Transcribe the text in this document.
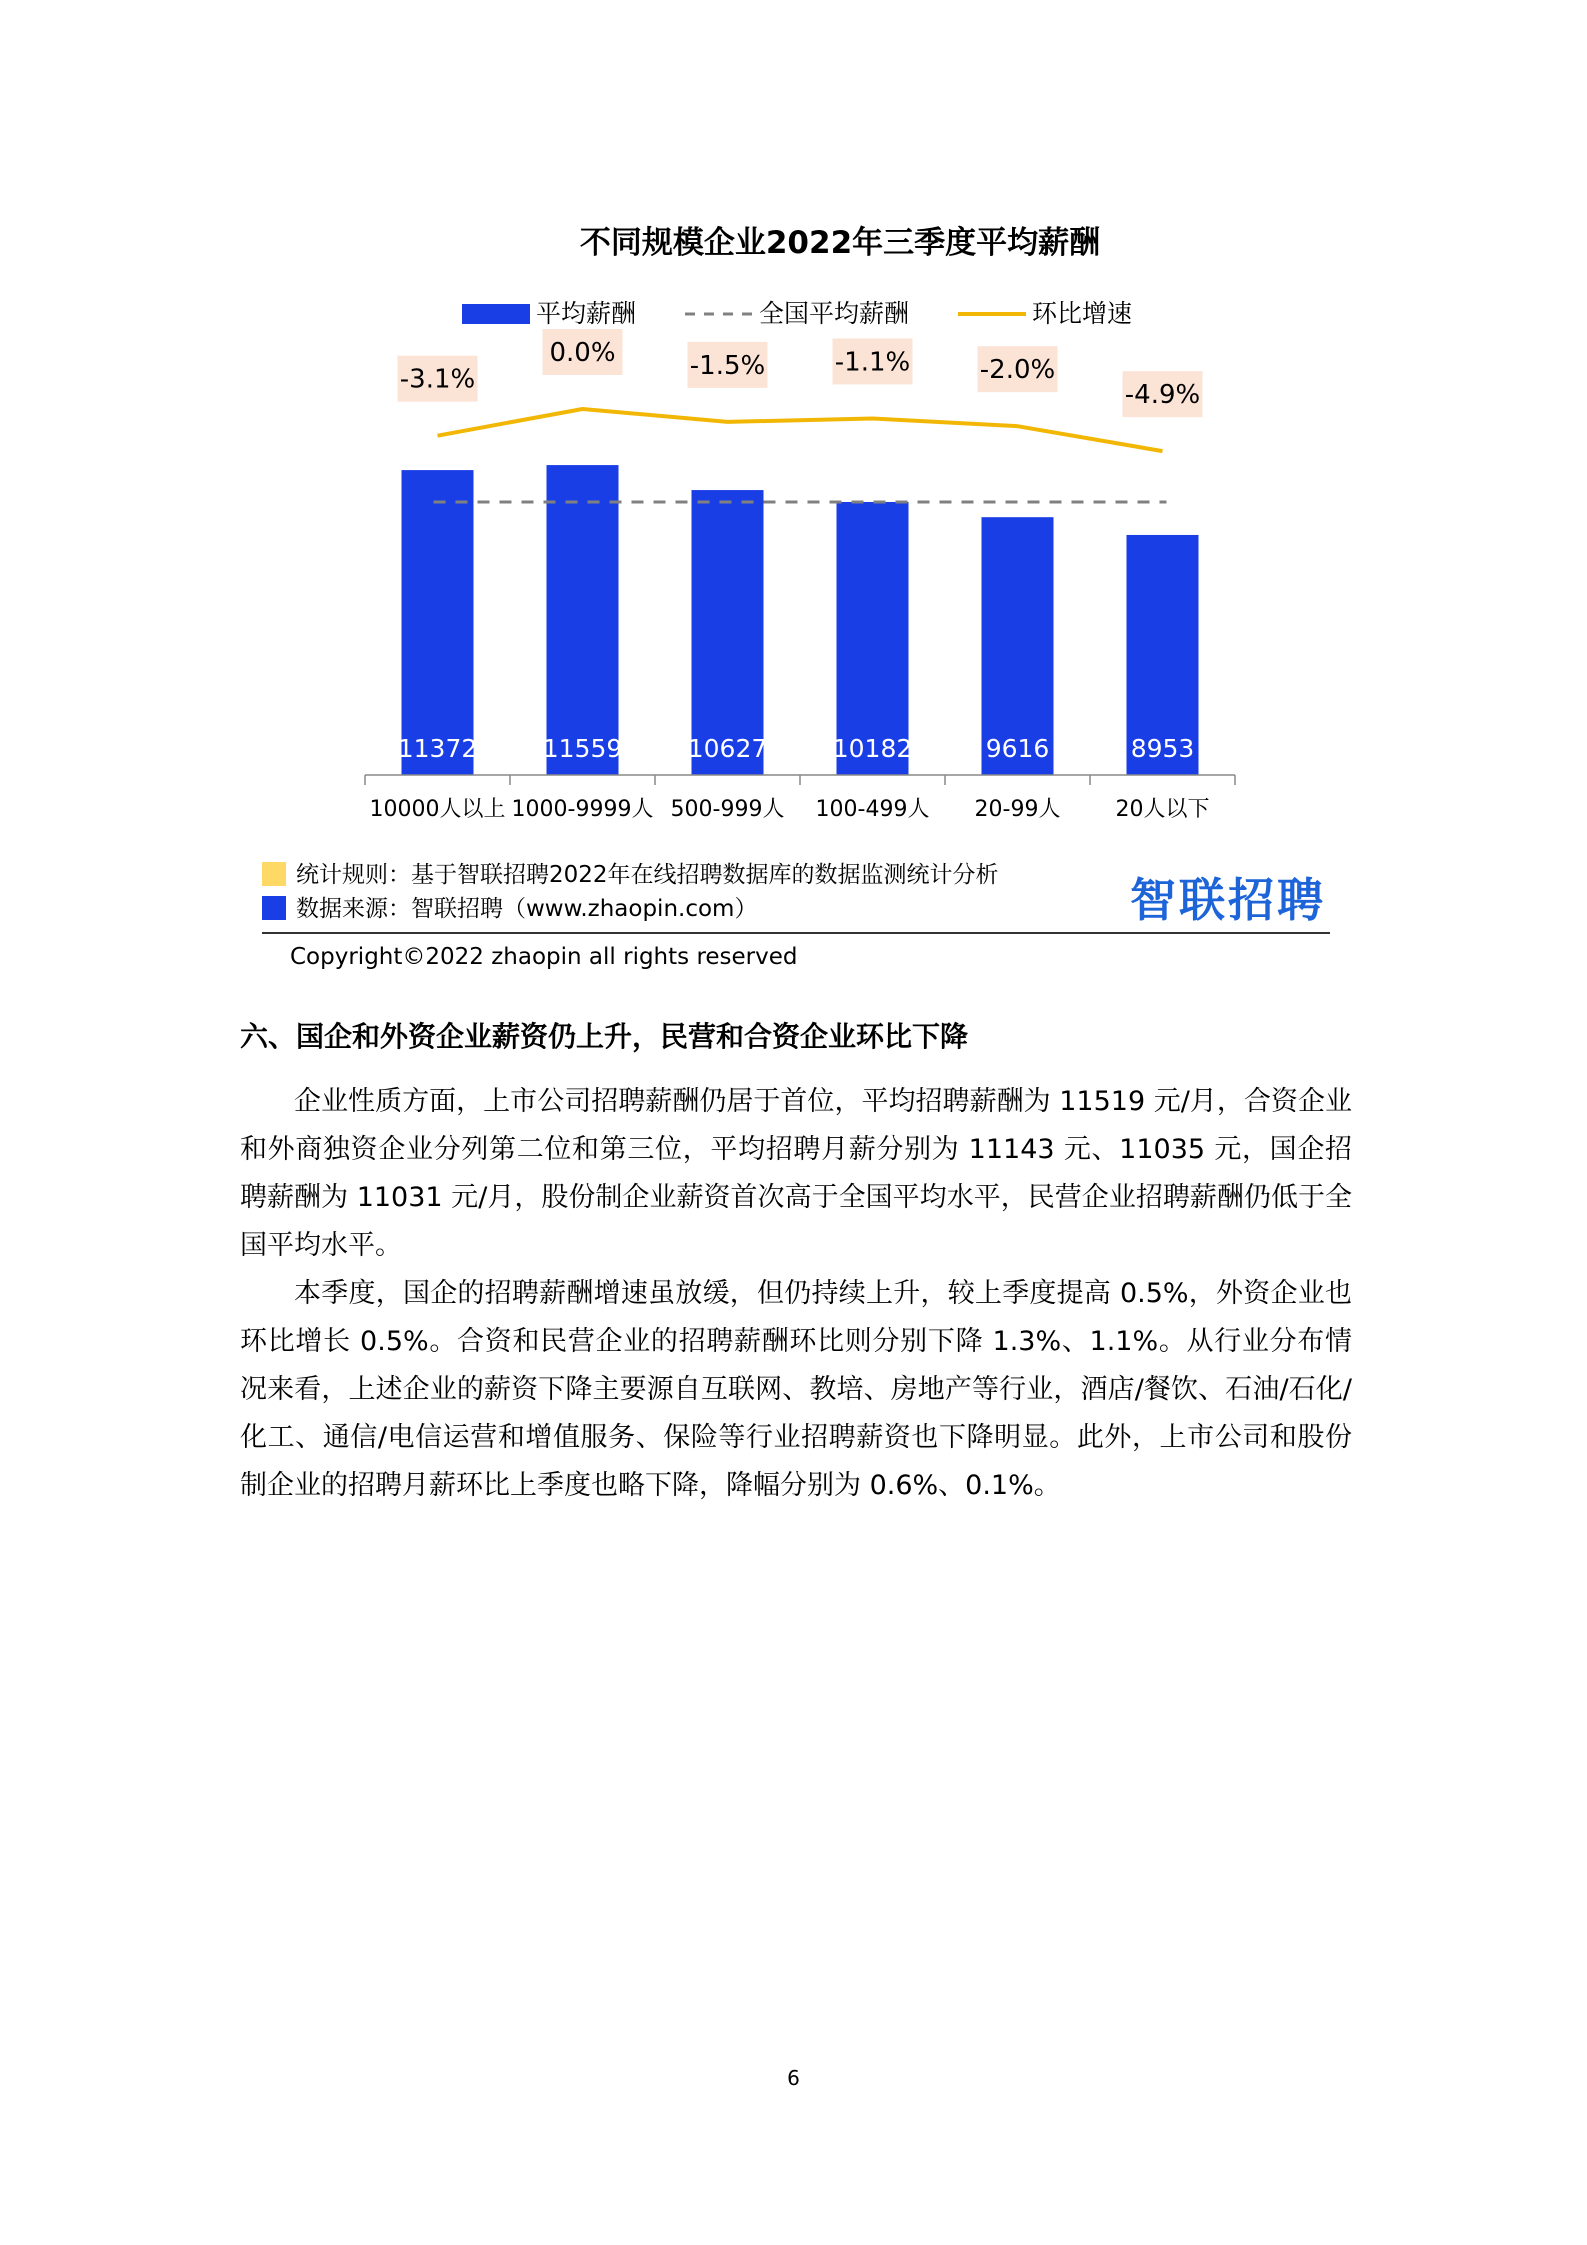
不同规模企业2022年三季度平均薪酬
平均薪酬	全国平均薪酬	环比增速
11372	11559	10627	10182	9616	8953
10000人以上 1000-9999人 500-999人 100-499人 20-99人	20人以下
-3.1%
0.0%	-1.5%	-1.1%	-2.0%
-4.9%
统计规则：基于智联招聘2022年在线招聘数据库的数据监测统计分析
数据来源：智联招聘（www.zhaopin.com）	智联招聘
Copyright©2022 zhaopin all rights reserved
六、国企和外资企业薪资仍上升，民营和合资企业环比下降

企业性质方面，上市公司招聘薪酬仍居于首位，平均招聘薪酬为 11519 元/月，合资企业和外商独资企业分列第二位和第三位，平均招聘月薪分别为 11143 元、11035 元，国企招聘薪酬为 11031 元/月，股份制企业薪资首次高于全国平均水平，民营企业招聘薪酬仍低于全国平均水平。

本季度，国企的招聘薪酬增速虽放缓，但仍持续上升，较上季度提高 0.5%，外资企业也环比增长 0.5%。合资和民营企业的招聘薪酬环比则分别下降 1.3%、1.1%。从行业分布情况来看，上述企业的薪资下降主要源自互联网、教培、房地产等行业，酒店/餐饮、石油/石化/化工、通信/电信运营和增值服务、保险等行业招聘薪资也下降明显。此外，上市公司和股份制企业的招聘月薪环比上季度也略下降，降幅分别为 0.6%、0.1%。

6
